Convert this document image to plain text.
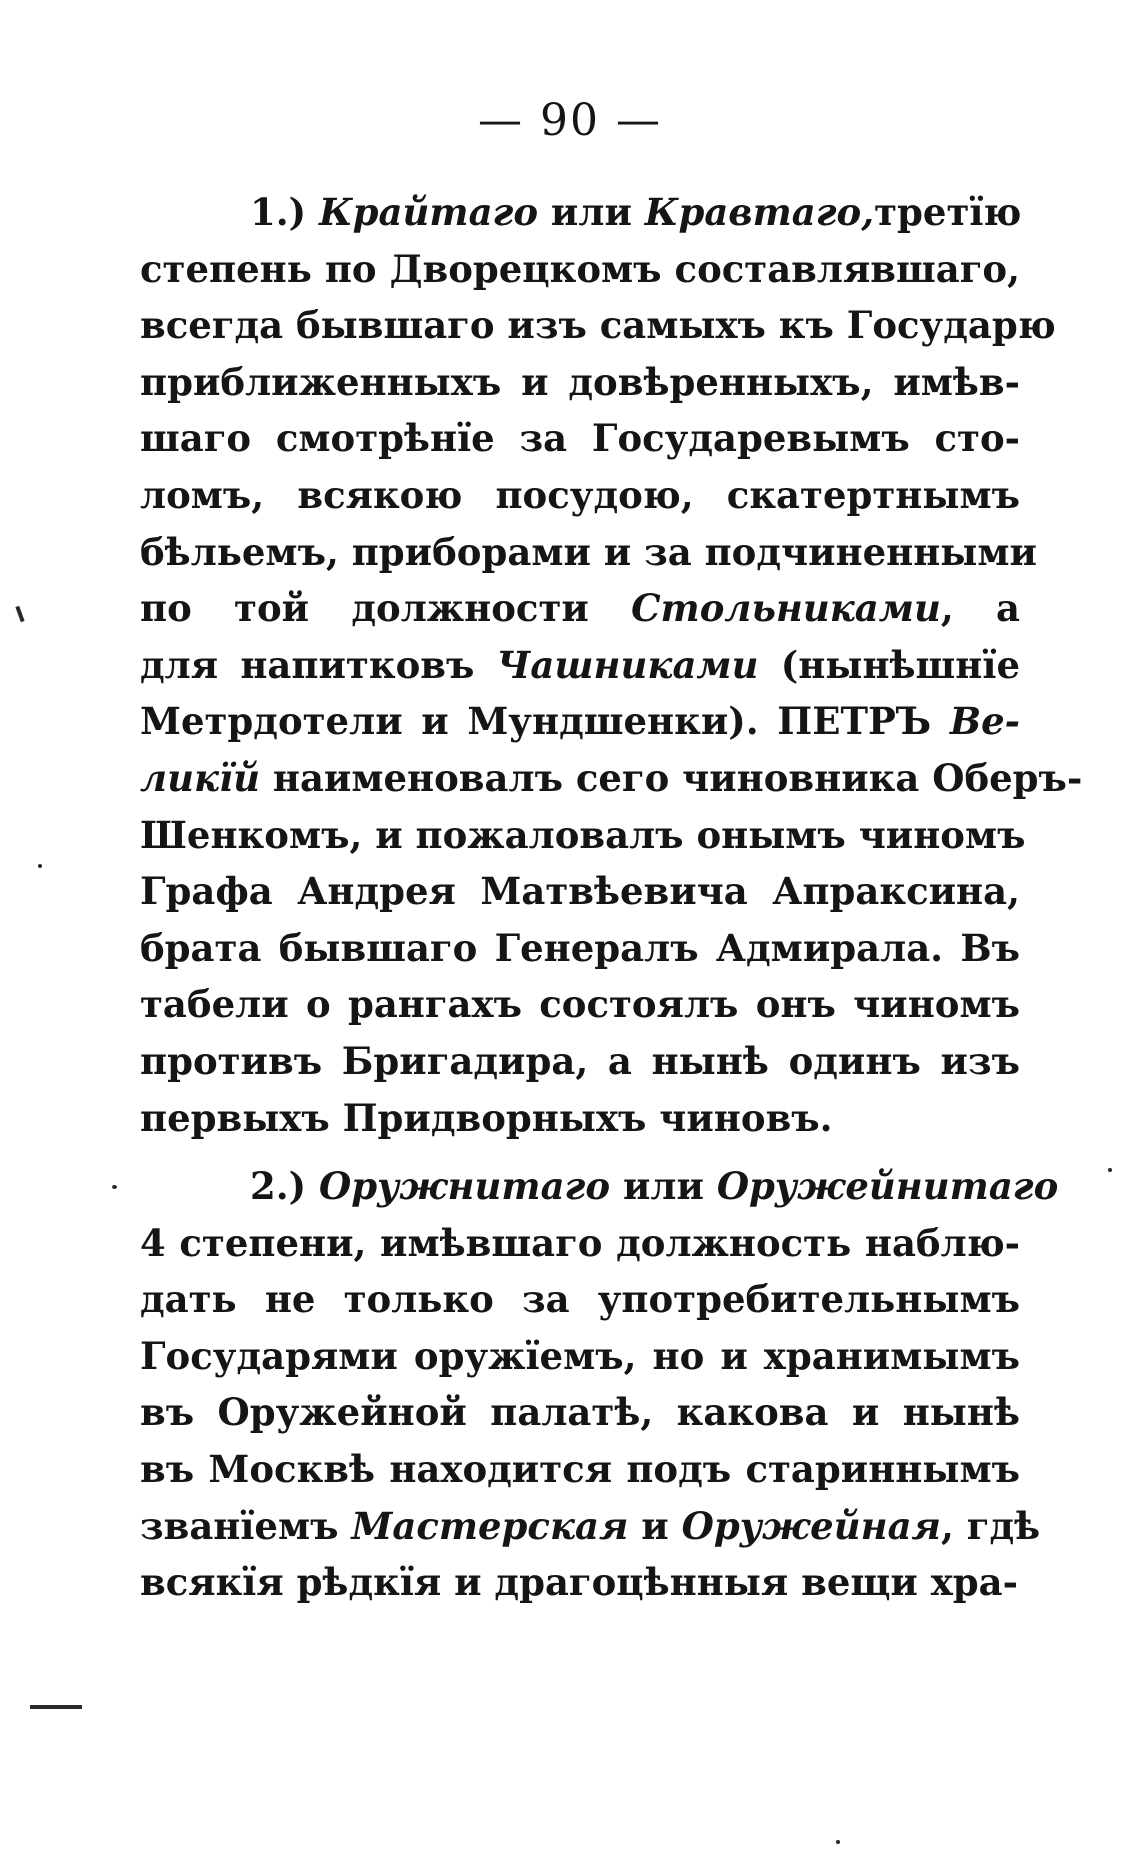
— 90 —
1.) Крайтаго или Кравтаго,третїю
степень по Дворецкомъ составлявшаго,
всегда бывшаго изъ самыхъ къ Государю
приближенныхъ и довѣренныхъ, имѣв-
шаго смотрѣнїе за Государевымъ сто-
ломъ, всякою посудою, скатертнымъ
бѣльемъ, приборами и за подчиненными
по той должности Стольниками, а
для напитковъ Чашниками (нынѣшнїе
Метрдотели и Мундшенки). ПЕТРЪ Ве-
ликїй наименовалъ сего чиновника Оберъ-
Шенкомъ, и пожаловалъ онымъ чиномъ
Графа Андрея Матвѣевича Апраксина,
брата бывшаго Генералъ Адмирала. Въ
табели о рангахъ состоялъ онъ чиномъ
противъ Бригадира, а нынѣ одинъ изъ
первыхъ Придворныхъ чиновъ.
2.) Оружнитаго или Оружейнитаго
4 степени, имѣвшаго должность наблю-
дать не только за употребительнымъ
Государями оружїемъ, но и хранимымъ
въ Оружейной палатѣ, какова и нынѣ
въ Москвѣ находится подъ стариннымъ
званїемъ Мастерская и Оружейная, гдѣ
всякїя рѣдкїя и драгоцѣнныя вещи хра-
